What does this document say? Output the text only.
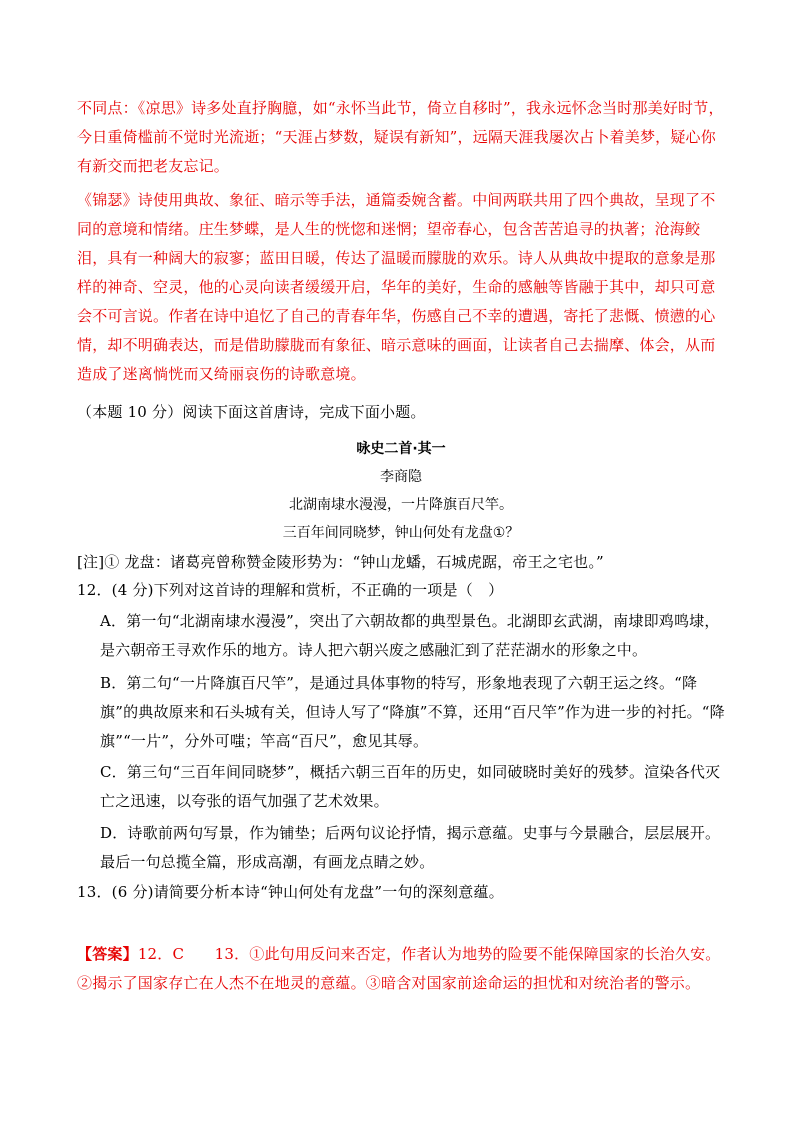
不同点：《凉思》诗多处直抒胸臆，如“永怀当此节，倚立自移时”，我永远怀念当时那美好时节，今日重倚槛前不觉时光流逝；“天涯占梦数，疑误有新知”，远隔天涯我屡次占卜着美梦，疑心你有新交而把老友忘记。

《锦瑟》诗使用典故、象征、暗示等手法，通篇委婉含蓄。中间两联共用了四个典故，呈现了不同的意境和情绪。庄生梦蝶，是人生的恍惚和迷惘；望帝春心，包含苦苦追寻的执著；沧海鲛泪，具有一种阔大的寂寥；蓝田日暖，传达了温暖而朦胧的欢乐。诗人从典故中提取的意象是那样的神奇、空灵，他的心灵向读者缓缓开启，华年的美好，生命的感触等皆融于其中，却只可意会不可言说。作者在诗中追忆了自己的青春年华，伤感自己不幸的遭遇，寄托了悲慨、愤懑的心情，却不明确表达，而是借助朦胧而有象征、暗示意味的画面，让读者自己去揣摩、体会，从而造成了迷离惝恍而又绮丽哀伤的诗歌意境。

（本题 10 分）阅读下面这首唐诗，完成下面小题。

咏史二首·其一

李商隐

北湖南埭水漫漫，一片降旗百尺竿。

三百年间同晓梦，钟山何处有龙盘①？

[注]① 龙盘：诸葛亮曾称赞金陵形势为：“钟山龙蟠，石城虎踞，帝王之宅也。”

12．(4 分)下列对这首诗的理解和赏析，不正确的一项是（　）

A．第一句“北湖南埭水漫漫”，突出了六朝故都的典型景色。北湖即玄武湖，南埭即鸡鸣埭，是六朝帝王寻欢作乐的地方。诗人把六朝兴废之感融汇到了茫茫湖水的形象之中。

B．第二句“一片降旗百尺竿”，是通过具体事物的特写，形象地表现了六朝王运之终。“降旗”的典故原来和石头城有关，但诗人写了“降旗”不算，还用“百尺竿”作为进一步的衬托。“降旗”“一片”，分外可嗤；竿高“百尺”，愈见其辱。

C．第三句“三百年间同晓梦”，概括六朝三百年的历史，如同破晓时美好的残梦。渲染各代灭亡之迅速，以夸张的语气加强了艺术效果。

D．诗歌前两句写景，作为铺垫；后两句议论抒情，揭示意蕴。史事与今景融合，层层展开。最后一句总揽全篇，形成高潮，有画龙点睛之妙。

13．(6 分)请简要分析本诗“钟山何处有龙盘”一句的深刻意蕴。

【答案】12．C　　13．①此句用反问来否定，作者认为地势的险要不能保障国家的长治久安。②揭示了国家存亡在人杰不在地灵的意蕴。③暗含对国家前途命运的担忧和对统治者的警示。
